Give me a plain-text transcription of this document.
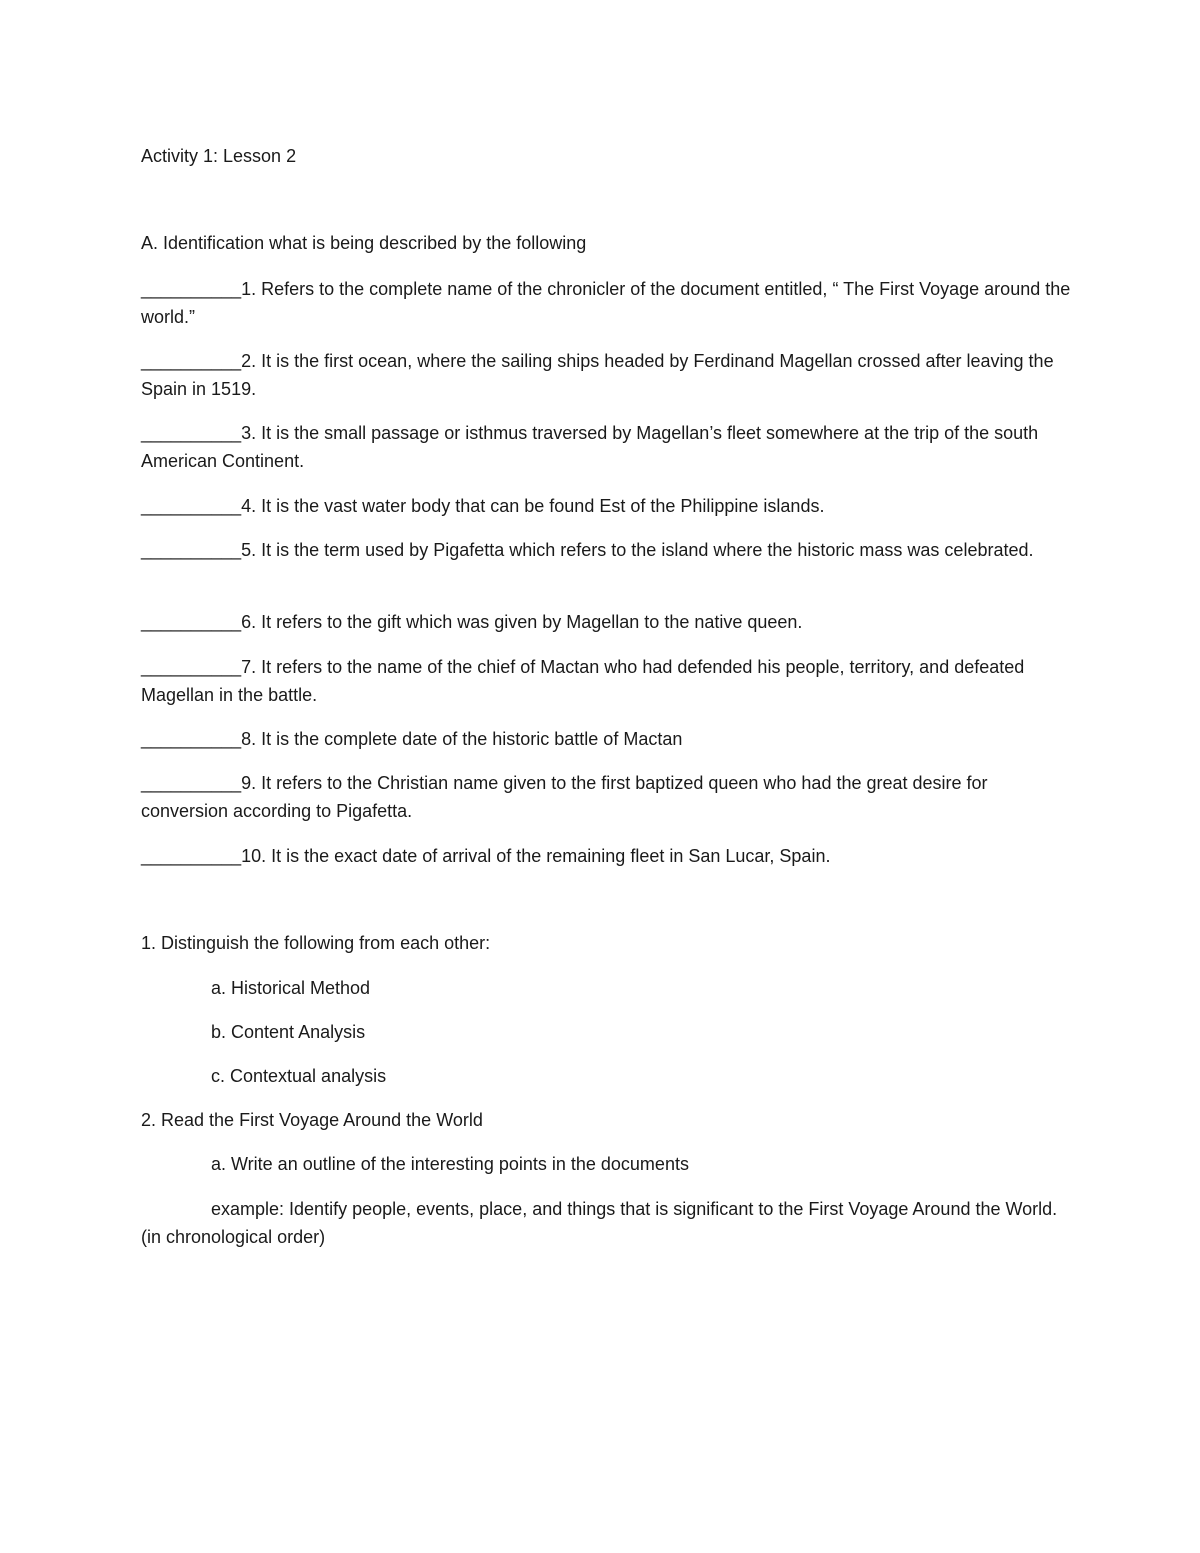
Activity 1: Lesson 2
A. Identification what is being described by the following
__________1. Refers to the complete name of the chronicler of the document entitled, “ The First Voyage around the world.”
__________2. It is the first ocean, where the sailing ships headed by Ferdinand Magellan crossed after leaving the Spain in 1519.
__________3. It is the small passage or isthmus traversed by Magellan’s fleet somewhere at the trip of the south American Continent.
__________4. It is the vast water body that can be found Est of the Philippine islands.
__________5. It is the term used by Pigafetta which refers to the island where the historic mass was celebrated.
__________6. It refers to the gift which was given by Magellan to the native queen.
__________7. It refers to the name of the chief of Mactan who had defended his people, territory, and defeated Magellan in the battle.
__________8. It is the complete date of the historic battle of Mactan
__________9. It refers to the Christian name given to the first baptized queen who had the great desire for conversion according to Pigafetta.
__________10. It is the exact date of arrival of the remaining fleet in San Lucar, Spain.
1. Distinguish the following from each other:
a. Historical Method
b. Content Analysis
c. Contextual analysis
2. Read the First Voyage Around the World
a. Write an outline of the interesting points in the documents
example: Identify people, events, place, and things that is significant to the First Voyage Around the World. (in chronological order)
